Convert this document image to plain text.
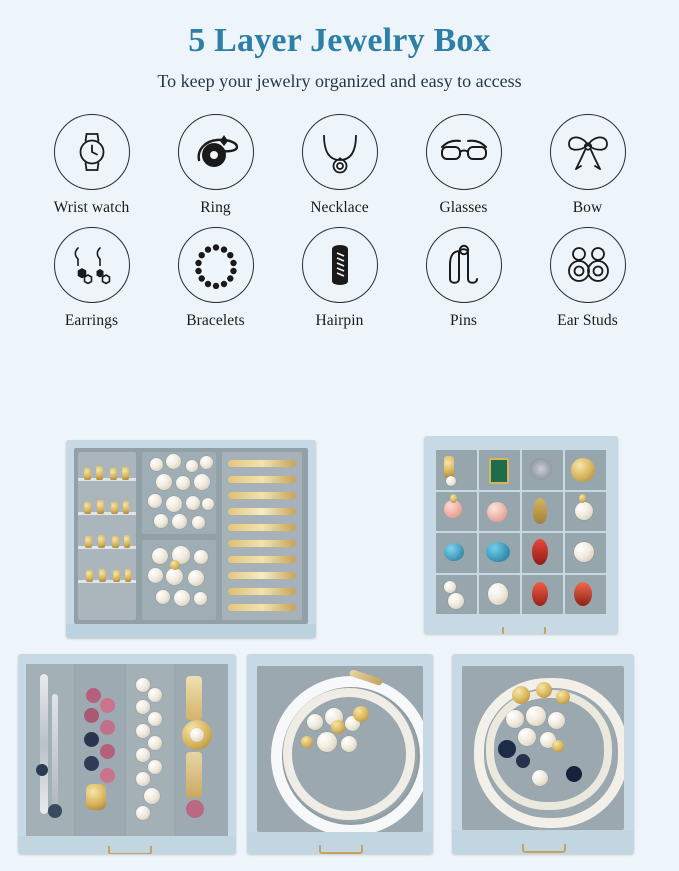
5 Layer Jewelry Box

To keep your jewelry organized and easy to access

Wrist watch	Ring	Necklace	Glasses	Bow
Earrings	Bracelets	Hairpin	Pins	Ear Studs
